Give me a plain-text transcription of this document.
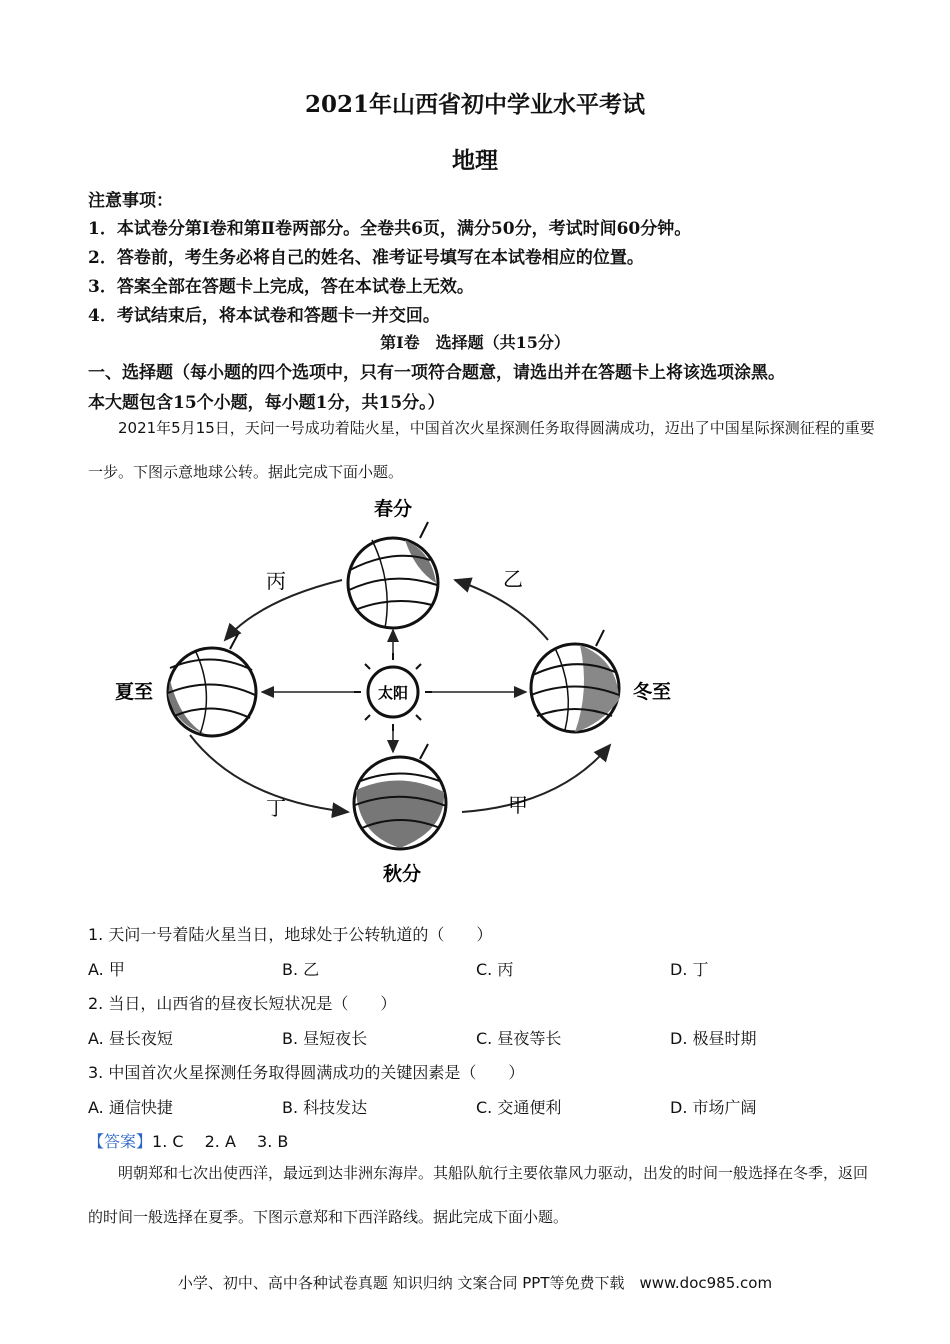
2021年山西省初中学业水平考试
地理
注意事项：
1．本试卷分第Ⅰ卷和第Ⅱ卷两部分。全卷共6页，满分50分，考试时间60分钟。
2．答卷前，考生务必将自己的姓名、准考证号填写在本试卷相应的位置。
3．答案全部在答题卡上完成，答在本试卷上无效。
4．考试结束后，将本试卷和答题卡一并交回。
第Ⅰ卷　选择题（共15分）
一、选择题（每小题的四个选项中，只有一项符合题意，请选出并在答题卡上将该选项涂黑。
本大题包含15个小题，每小题1分，共15分。）
2021年5月15日，天问一号成功着陆火星，中国首次火星探测任务取得圆满成功，迈出了中国星际探测征程的重要一步。下图示意地球公转。据此完成下面小题。
太阳
春分
夏至	冬至
秋分
丙	乙
丁	甲
1. 天问一号着陆火星当日，地球处于公转轨道的（　　）
A. 甲	B. 乙	C. 丙	D. 丁
2. 当日，山西省的昼夜长短状况是（　　）
A. 昼长夜短	B. 昼短夜长	C. 昼夜等长	D. 极昼时期
3. 中国首次火星探测任务取得圆满成功的关键因素是（　　）
A. 通信快捷	B. 科技发达	C. 交通便利	D. 市场广阔
【答案】1. C　 2. A　 3. B
明朝郑和七次出使西洋，最远到达非洲东海岸。其船队航行主要依靠风力驱动，出发的时间一般选择在冬季，返回的时间一般选择在夏季。下图示意郑和下西洋路线。据此完成下面小题。
小学、初中、高中各种试卷真题 知识归纳 文案合同 PPT等免费下载　www.doc985.com
